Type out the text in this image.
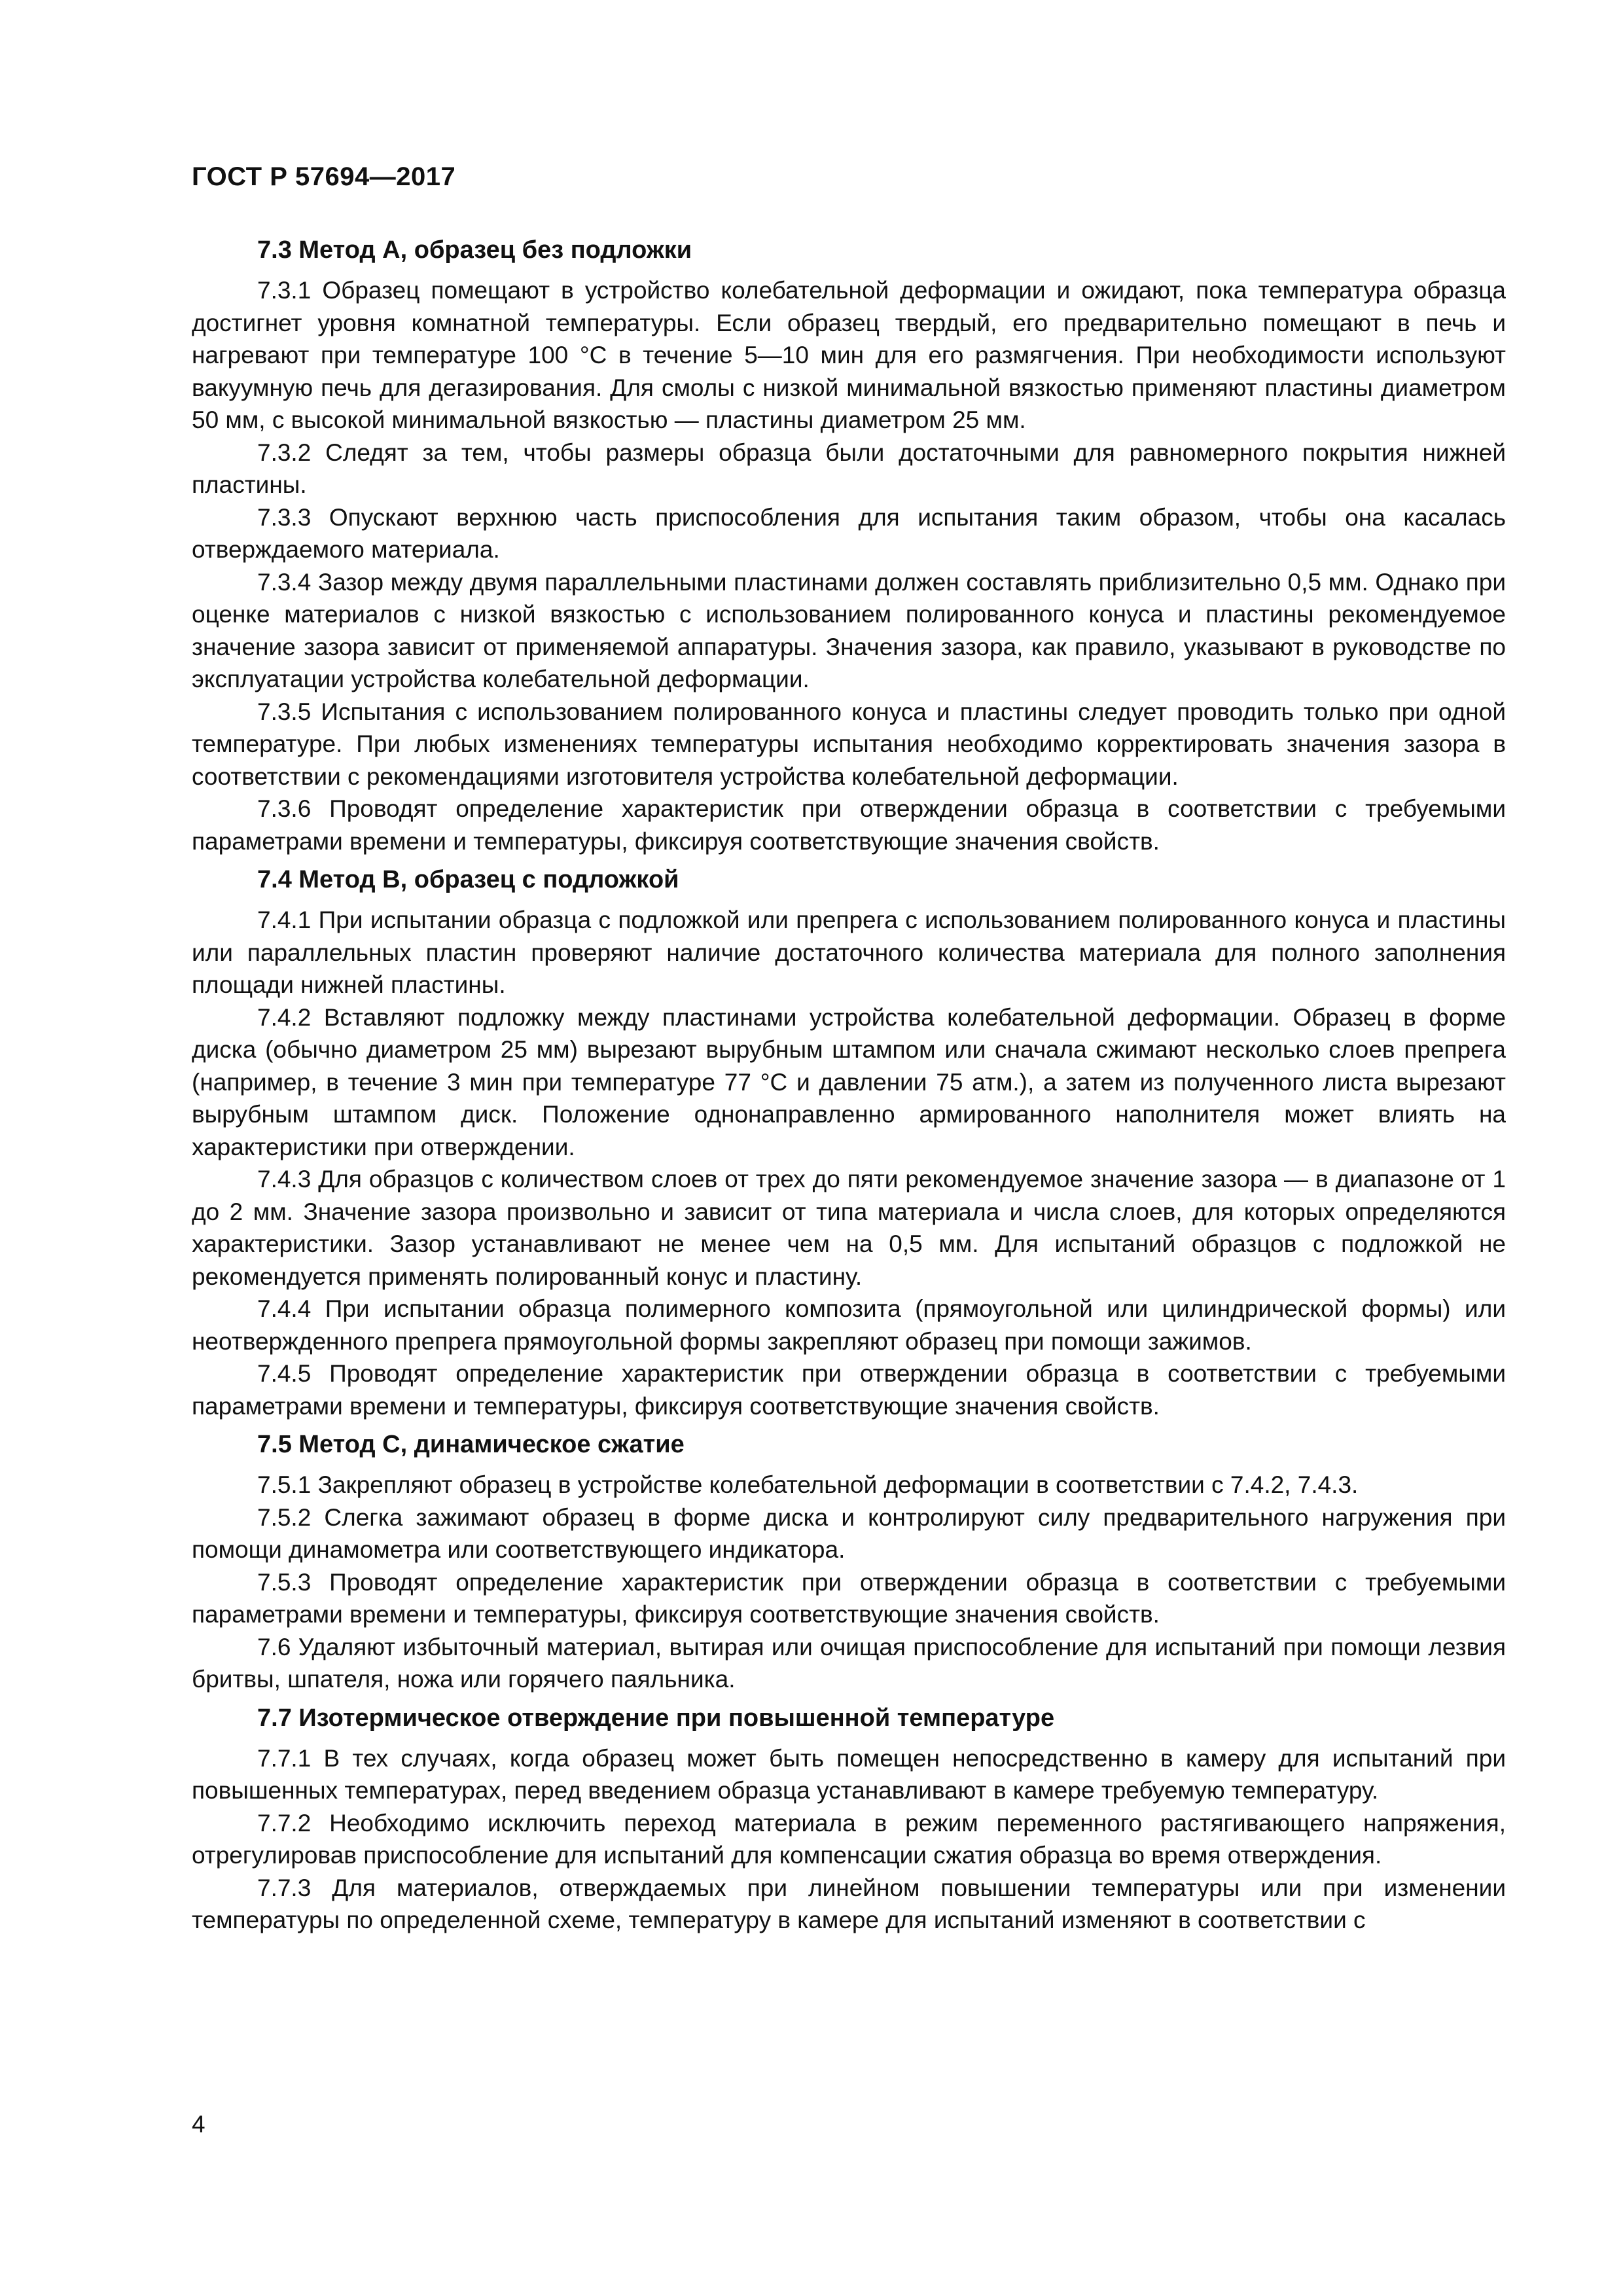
ГОСТ Р 57694—2017
7.3 Метод А, образец без подложки

7.3.1 Образец помещают в устройство колебательной деформации и ожидают, пока температура образца достигнет уровня комнатной температуры. Если образец твердый, его предварительно помещают в печь и нагревают при температуре 100 °С в течение 5—10 мин для его размягчения. При необходимости используют вакуумную печь для дегазирования. Для смолы с низкой минимальной вязкостью применяют пластины диаметром 50 мм, с высокой минимальной вязкостью — пластины диаметром 25 мм.

7.3.2 Следят за тем, чтобы размеры образца были достаточными для равномерного покрытия нижней пластины.

7.3.3 Опускают верхнюю часть приспособления для испытания таким образом, чтобы она касалась отверждаемого материала.

7.3.4 Зазор между двумя параллельными пластинами должен составлять приблизительно 0,5 мм. Однако при оценке материалов с низкой вязкостью с использованием полированного конуса и пластины рекомендуемое значение зазора зависит от применяемой аппаратуры. Значения зазора, как правило, указывают в руководстве по эксплуатации устройства колебательной деформации.

7.3.5 Испытания с использованием полированного конуса и пластины следует проводить только при одной температуре. При любых изменениях температуры испытания необходимо корректировать значения зазора в соответствии с рекомендациями изготовителя устройства колебательной деформации.

7.3.6 Проводят определение характеристик при отверждении образца в соответствии с требуемыми параметрами времени и температуры, фиксируя соответствующие значения свойств.

7.4 Метод В, образец с подложкой

7.4.1 При испытании образца с подложкой или препрега с использованием полированного конуса и пластины или параллельных пластин проверяют наличие достаточного количества материала для полного заполнения площади нижней пластины.

7.4.2 Вставляют подложку между пластинами устройства колебательной деформации. Образец в форме диска (обычно диаметром 25 мм) вырезают вырубным штампом или сначала сжимают несколько слоев препрега (например, в течение 3 мин при температуре 77 °С и давлении 75 атм.), а затем из полученного листа вырезают вырубным штампом диск. Положение однонаправленно армированного наполнителя может влиять на характеристики при отверждении.

7.4.3 Для образцов с количеством слоев от трех до пяти рекомендуемое значение зазора — в диапазоне от 1 до 2 мм. Значение зазора произвольно и зависит от типа материала и числа слоев, для которых определяются характеристики. Зазор устанавливают не менее чем на 0,5 мм. Для испытаний образцов с подложкой не рекомендуется применять полированный конус и пластину.

7.4.4 При испытании образца полимерного композита (прямоугольной или цилиндрической формы) или неотвержденного препрега прямоугольной формы закрепляют образец при помощи зажимов.

7.4.5 Проводят определение характеристик при отверждении образца в соответствии с требуемыми параметрами времени и температуры, фиксируя соответствующие значения свойств.

7.5 Метод С, динамическое сжатие

7.5.1 Закрепляют образец в устройстве колебательной деформации в соответствии с 7.4.2, 7.4.3.

7.5.2 Слегка зажимают образец в форме диска и контролируют силу предварительного нагружения при помощи динамометра или соответствующего индикатора.

7.5.3 Проводят определение характеристик при отверждении образца в соответствии с требуемыми параметрами времени и температуры, фиксируя соответствующие значения свойств.

7.6 Удаляют избыточный материал, вытирая или очищая приспособление для испытаний при помощи лезвия бритвы, шпателя, ножа или горячего паяльника.

7.7 Изотермическое отверждение при повышенной температуре

7.7.1 В тех случаях, когда образец может быть помещен непосредственно в камеру для испытаний при повышенных температурах, перед введением образца устанавливают в камере требуемую температуру.

7.7.2 Необходимо исключить переход материала в режим переменного растягивающего напряжения, отрегулировав приспособление для испытаний для компенсации сжатия образца во время отверждения.

7.7.3 Для материалов, отверждаемых при линейном повышении температуры или при изменении температуры по определенной схеме, температуру в камере для испытаний изменяют в соответствии с

4
